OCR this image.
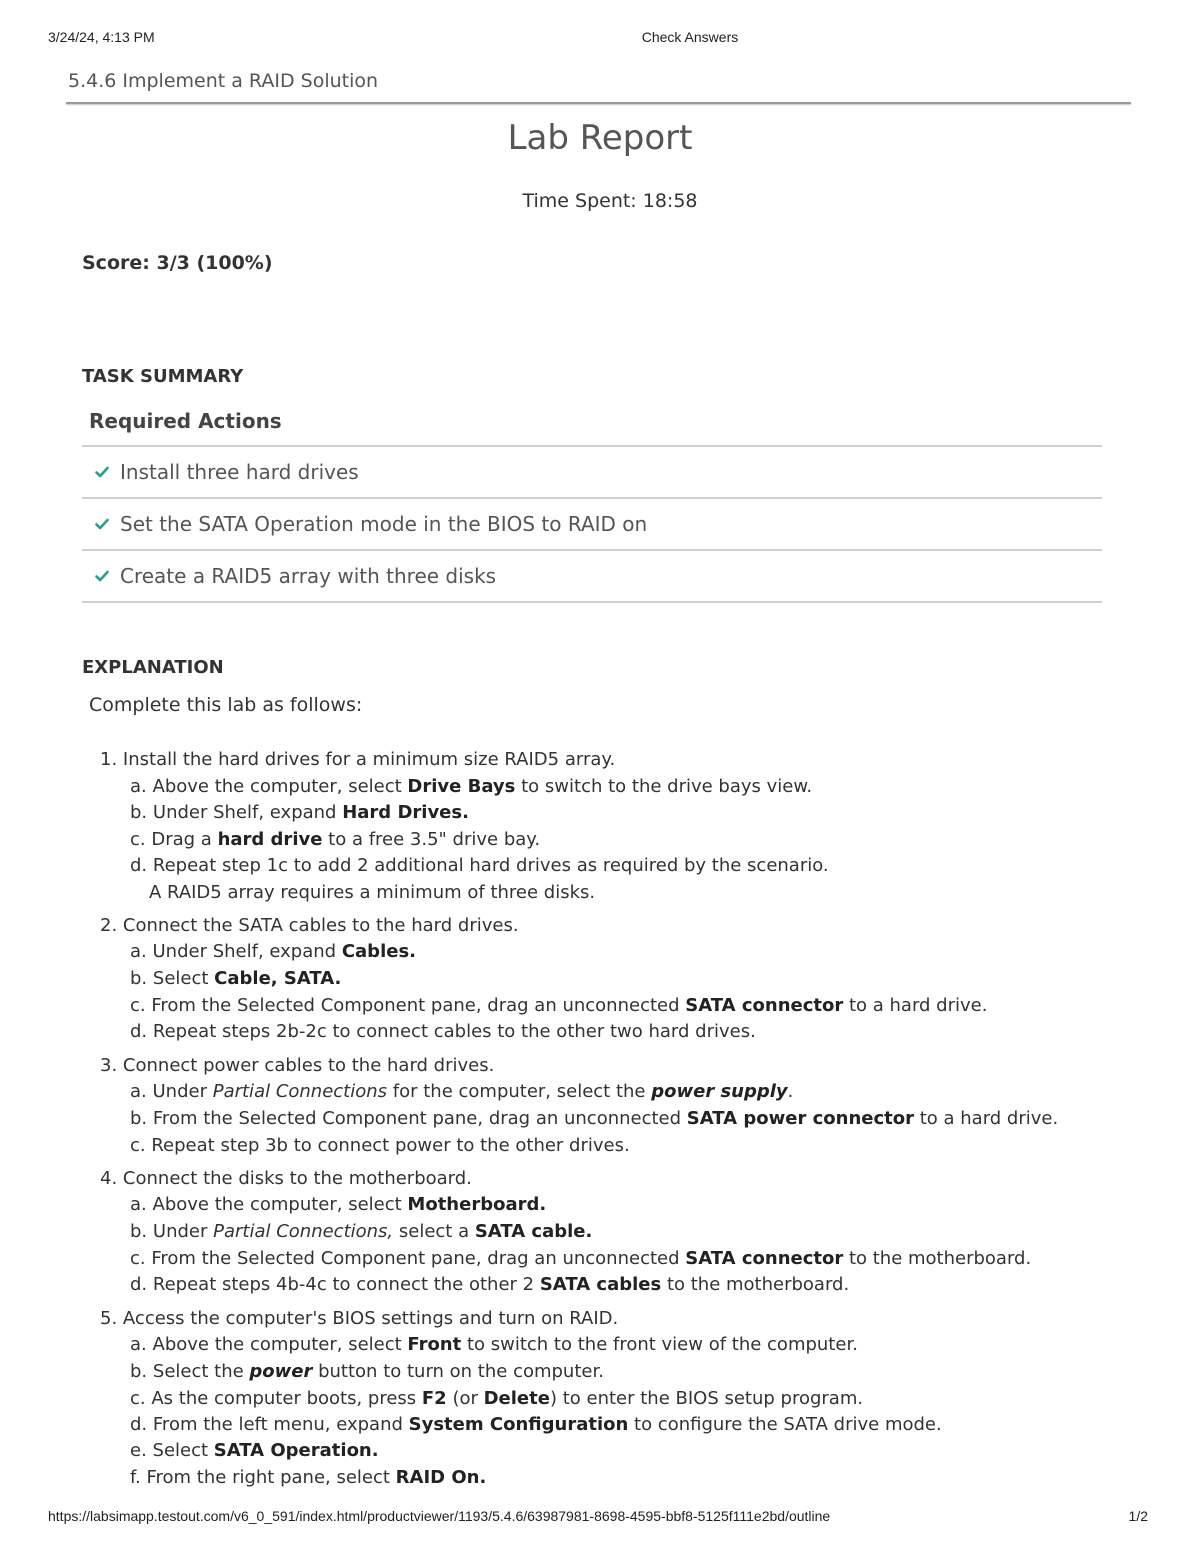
3/24/24, 4:13 PM	Check Answers
5.4.6 Implement a RAID Solution
Lab Report
Time Spent: 18:58
Score: 3/3 (100%)
TASK SUMMARY
Required Actions
Install three hard drives
Set the SATA Operation mode in the BIOS to RAID on
Create a RAID5 array with three disks
EXPLANATION
Complete this lab as follows:
1. Install the hard drives for a minimum size RAID5 array.
a. Above the computer, select Drive Bays to switch to the drive bays view.
b. Under Shelf, expand Hard Drives.
c. Drag a hard drive to a free 3.5" drive bay.
d. Repeat step 1c to add 2 additional hard drives as required by the scenario.
A RAID5 array requires a minimum of three disks.
2. Connect the SATA cables to the hard drives.
a. Under Shelf, expand Cables.
b. Select Cable, SATA.
c. From the Selected Component pane, drag an unconnected SATA connector to a hard drive.
d. Repeat steps 2b-2c to connect cables to the other two hard drives.
3. Connect power cables to the hard drives.
a. Under Partial Connections for the computer, select the power supply.
b. From the Selected Component pane, drag an unconnected SATA power connector to a hard drive.
c. Repeat step 3b to connect power to the other drives.
4. Connect the disks to the motherboard.
a. Above the computer, select Motherboard.
b. Under Partial Connections, select a SATA cable.
c. From the Selected Component pane, drag an unconnected SATA connector to the motherboard.
d. Repeat steps 4b-4c to connect the other 2 SATA cables to the motherboard.
5. Access the computer's BIOS settings and turn on RAID.
a. Above the computer, select Front to switch to the front view of the computer.
b. Select the power button to turn on the computer.
c. As the computer boots, press F2 (or Delete) to enter the BIOS setup program.
d. From the left menu, expand System Configuration to configure the SATA drive mode.
e. Select SATA Operation.
f. From the right pane, select RAID On.
https://labsimapp.testout.com/v6_0_591/index.html/productviewer/1193/5.4.6/63987981-8698-4595-bbf8-5125f111e2bd/outline	1/2
